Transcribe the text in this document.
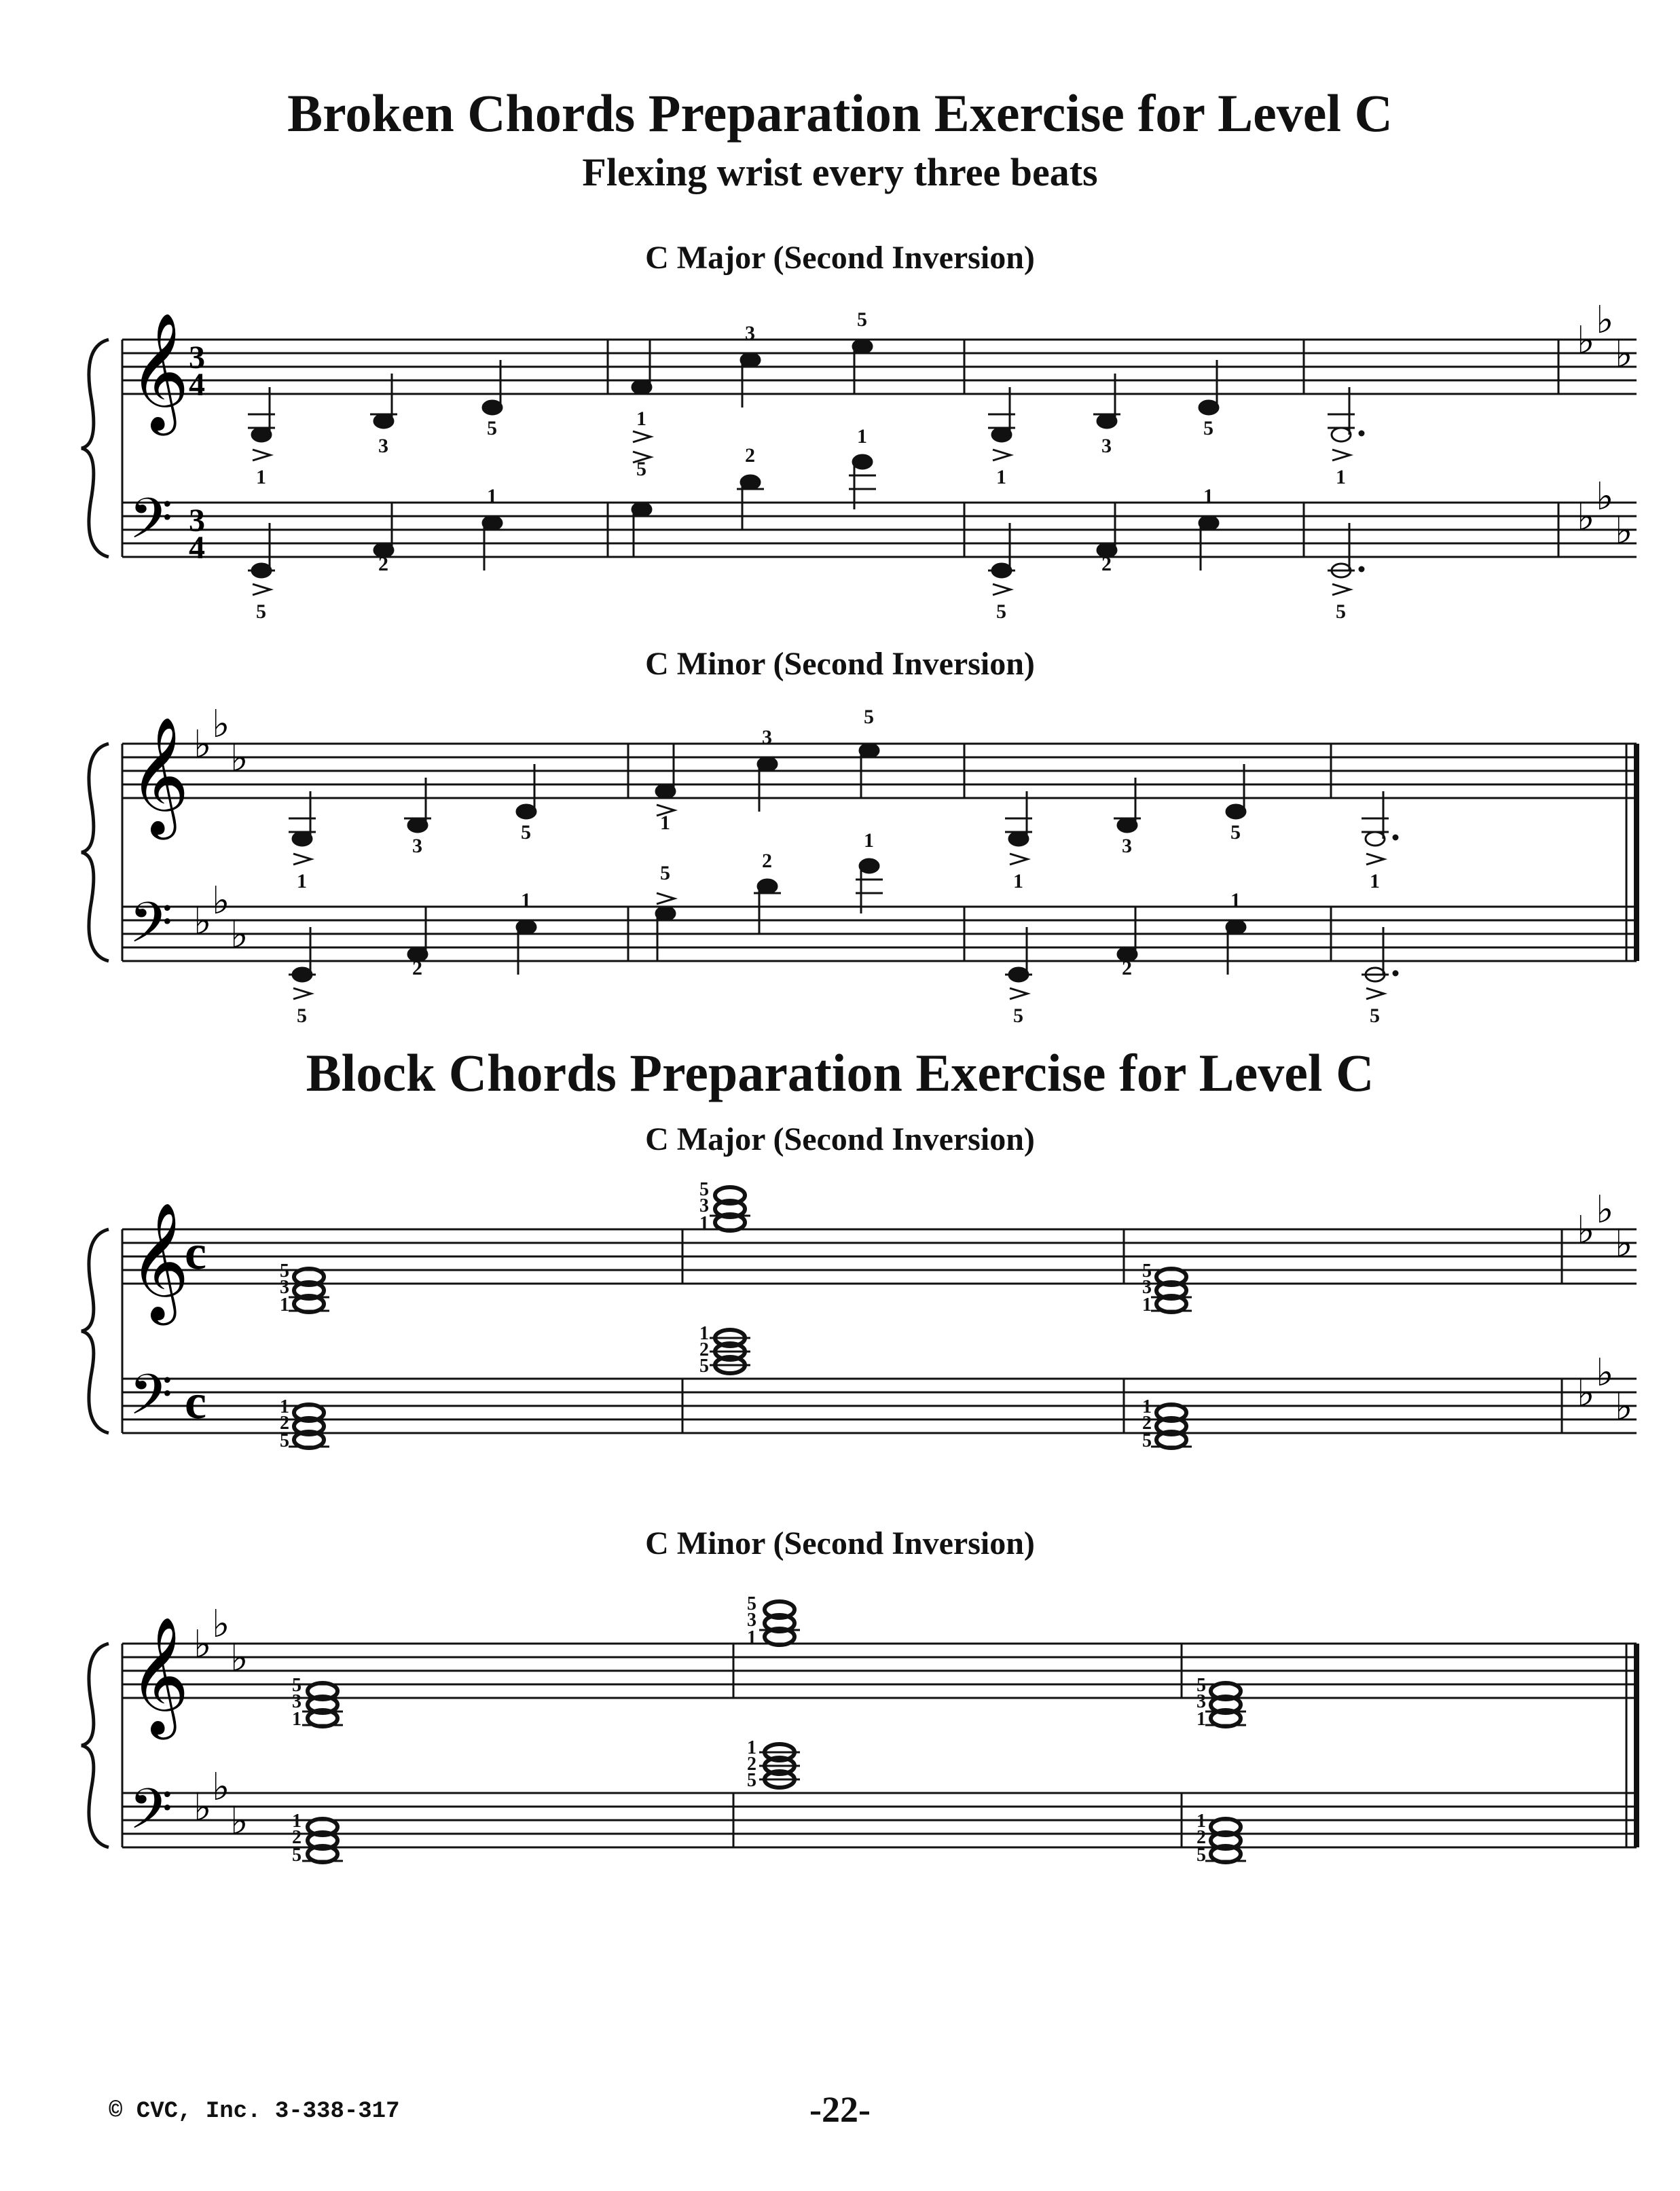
Broken Chords Preparation Exercise for Level C
Flexing wrist every three beats
C Major (Second Inversion)
C Minor (Second Inversion)
Block Chords Preparation Exercise for Level C
C Major (Second Inversion)
C Minor (Second Inversion)
𝄞
𝄢
3
4
3
4
♭ ♭
♭
♭ ♭
♭
1
3
5	1
3
5
1
3
5
1
5
2
1
5
2
1
5
2
1
5
𝄞
𝄢
♭ ♭
♭
♭ ♭
♭
1
3
5	1
3
5
1
3
5
1
5
2
1
5
2
1
5
2
1
5
𝄞
𝄢
c
c
♭ ♭
♭
♭ ♭
♭
5
3
1
5
3
1
5
3
1
1
2
5
1
2
5
1
2
5
𝄞
𝄢
♭ ♭
♭
♭ ♭
♭
5
3
1
5
3
1
5
3
1
1
2
5
1
2
5
1
2
5
© CVC, Inc. 3-338-317	-22-
